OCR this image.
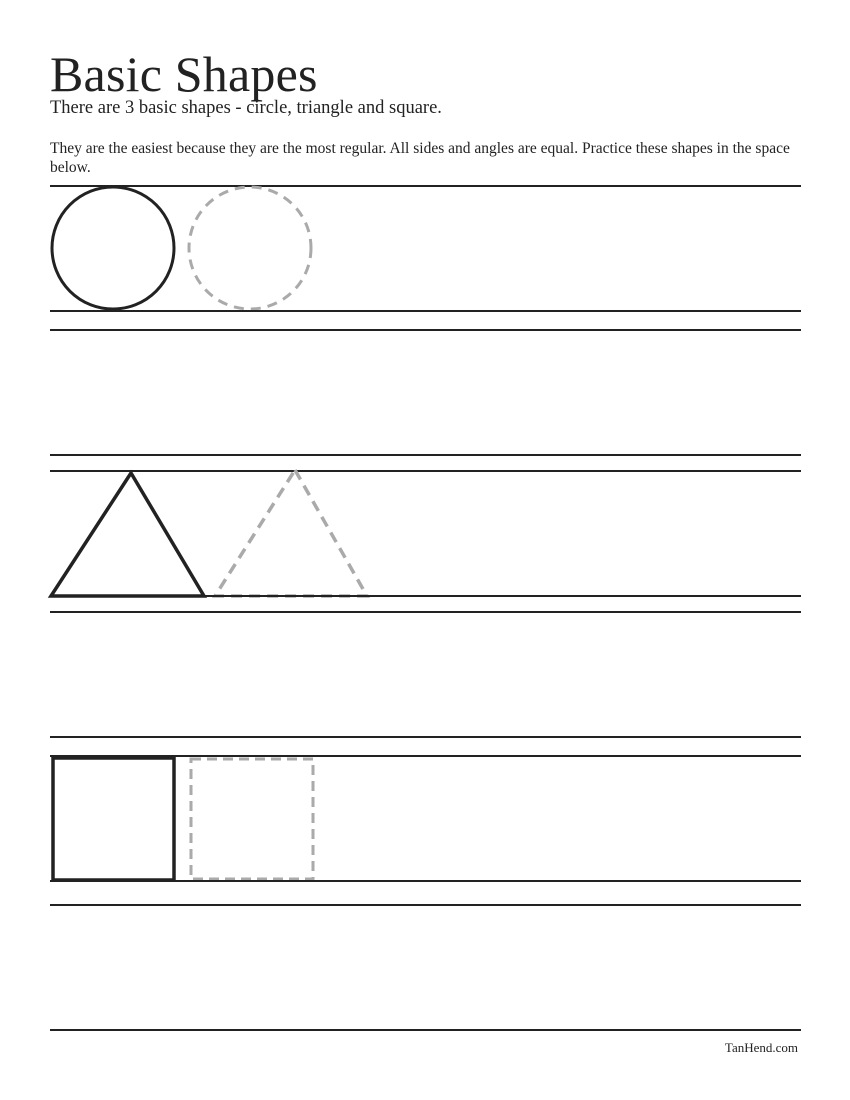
Basic Shapes

There are 3 basic shapes - circle, triangle and square.

They are the easiest because they are the most regular. All sides and angles are equal. Practice these shapes in the space below.

TanHend.com
